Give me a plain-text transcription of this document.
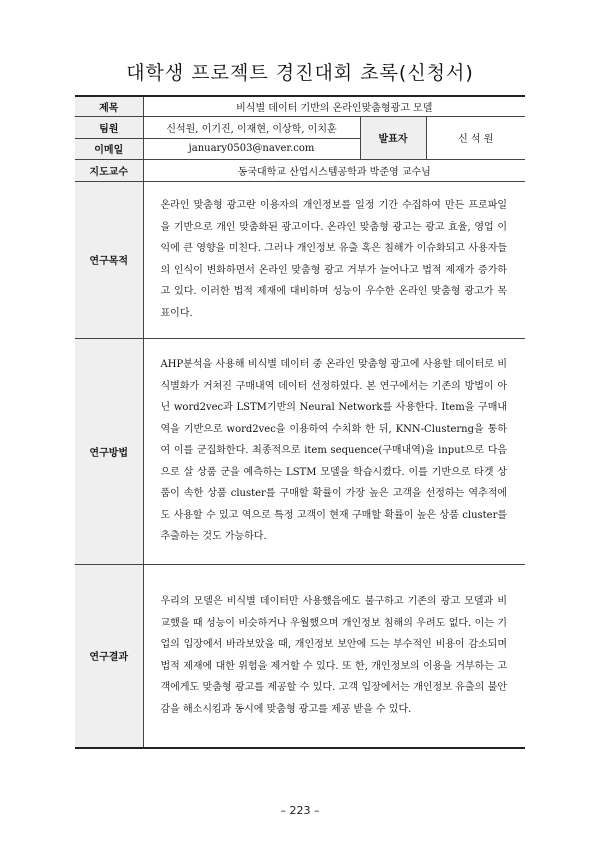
대학생 프로젝트 경진대회 초록(신청서)
제목	비식별 데이터 기반의 온라인맞춤형광고 모델		
팀원	신석원, 이기진, 이재현, 이상학, 이치훈	발표자	신 석 원
이메일	january0503@naver.com		
지도교수	동국대학교 산업시스템공학과 박준영 교수님		
연구목적	온라인 맞춤형 광고란 이용자의 개인정보를 일정 기간 수집하여 만든 프로파일을 기반으로 개인 맞춤화된 광고이다. 온라인 맞춤형 광고는 광고 효율, 영업 이익에 큰 영향을 미친다. 그러나 개인정보 유출 혹은 침해가 이슈화되고 사용자들의 인식이 변화하면서 온라인 맞춤형 광고 거부가 늘어나고 법적 제재가 증가하고 있다. 이러한 법적 제재에 대비하며 성능이 우수한 온라인 맞춤형 광고가 목표이다.		
연구방법	AHP분석을 사용해 비식별 데이터 중 온라인 맞춤형 광고에 사용할 데이터로 비식별화가 거쳐진 구매내역 데이터 선정하였다. 본 연구에서는 기존의 방법이 아닌 word2vec과 LSTM기반의 Neural Network를 사용한다. Item을 구매내역을 기반으로 word2vec을 이용하여 수치화 한 뒤, KNN-Clusterng을 통하여 이를 군집화한다. 최종적으로 item sequence(구매내역)을 input으로 다음으로 살 상품 군을 예측하는 LSTM 모델을 학습시켰다. 이를 기반으로 타겟 상품이 속한 상품 cluster를 구매할 확률이 가장 높은 고객을 선정하는 역추적에도 사용할 수 있고 역으로 특정 고객이 현재 구매할 확률이 높은 상품 cluster를 추출하는 것도 가능하다.		
연구결과	우리의 모델은 비식별 데이터만 사용했음에도 불구하고 기존의 광고 모델과 비교했을 때 성능이 비슷하거나 우월했으며 개인정보 침해의 우려도 없다. 이는 기업의 입장에서 바라보았을 때, 개인정보 보안에 드는 부수적인 비용이 감소되며 법적 제재에 대한 위험을 제거할 수 있다. 또 한, 개인정보의 이용을 거부하는 고객에게도 맞춤형 광고를 제공할 수 있다. 고객 입장에서는 개인정보 유출의 불안감을 해소시킴과 동시에 맞춤형 광고를 제공 받을 수 있다.		
– 223 –
